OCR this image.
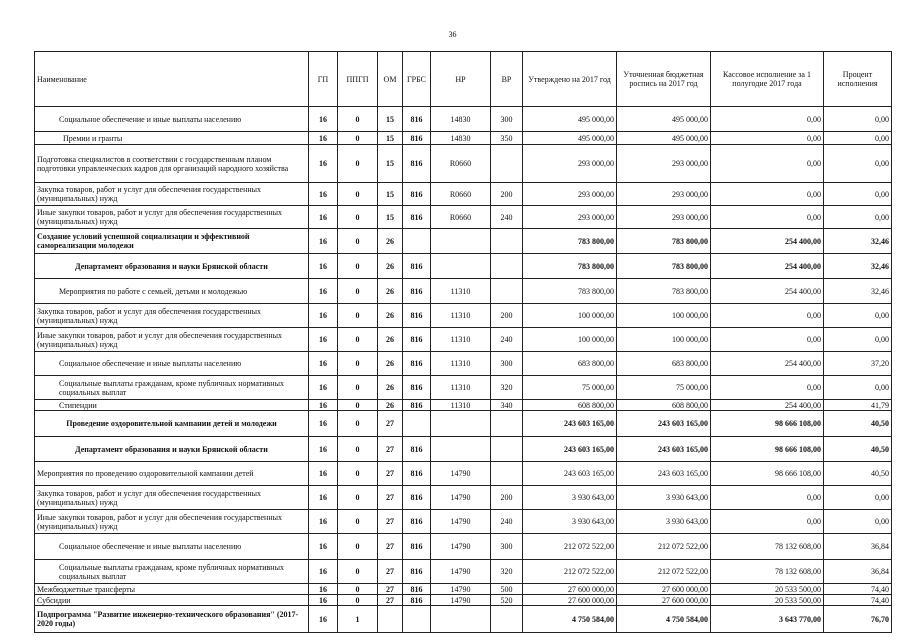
36
Наименование	ГП	ППГП	ОМ	ГРБС	НР	ВР	Утверждено на 2017 год	Уточненная бюджетная роспись на 2017 год	Кассовое исполнение за 1 полугодие 2017 года	Процент исполнения
Социальное обеспечение и иные выплаты населению	16	0	15	816	14830	300	495 000,00	495 000,00	0,00	0,00
Премии и гранты	16	0	15	816	14830	350	495 000,00	495 000,00	0,00	0,00
Подготовка специалистов в соответствии с государственным планом подготовки управленческих кадров для организаций народного хозяйства	16	0	15	816	R0660		293 000,00	293 000,00	0,00	0,00
Закупка товаров, работ и услуг для обеспечения государственных (муниципальных) нужд	16	0	15	816	R0660	200	293 000,00	293 000,00	0,00	0,00
Иные закупки товаров, работ и услуг для обеспечения государственных (муниципальных) нужд	16	0	15	816	R0660	240	293 000,00	293 000,00	0,00	0,00
Создание условий успешной социализации и эффективной самореализации молодежи	16	0	26				783 800,00	783 800,00	254 400,00	32,46
Департамент образования и науки Брянской области	16	0	26	816			783 800,00	783 800,00	254 400,00	32,46
Мероприятия по работе с семьей, детьми и молодежью	16	0	26	816	11310		783 800,00	783 800,00	254 400,00	32,46
Закупка товаров, работ и услуг для обеспечения государственных (муниципальных) нужд	16	0	26	816	11310	200	100 000,00	100 000,00	0,00	0,00
Иные закупки товаров, работ и услуг для обеспечения государственных (муниципальных) нужд	16	0	26	816	11310	240	100 000,00	100 000,00	0,00	0,00
Социальное обеспечение и иные выплаты населению	16	0	26	816	11310	300	683 800,00	683 800,00	254 400,00	37,20
Социальные выплаты гражданам, кроме публичных нормативных социальных выплат	16	0	26	816	11310	320	75 000,00	75 000,00	0,00	0,00
Стипендии	16	0	26	816	11310	340	608 800,00	608 800,00	254 400,00	41,79
Проведение оздоровительной кампании детей и молодежи	16	0	27				243 603 165,00	243 603 165,00	98 666 108,00	40,50
Департамент образования и науки Брянской области	16	0	27	816			243 603 165,00	243 603 165,00	98 666 108,00	40,50
Мероприятия по проведению оздоровительной кампании детей	16	0	27	816	14790		243 603 165,00	243 603 165,00	98 666 108,00	40,50
Закупка товаров, работ и услуг для обеспечения государственных (муниципальных) нужд	16	0	27	816	14790	200	3 930 643,00	3 930 643,00	0,00	0,00
Иные закупки товаров, работ и услуг для обеспечения государственных (муниципальных) нужд	16	0	27	816	14790	240	3 930 643,00	3 930 643,00	0,00	0,00
Социальное обеспечение и иные выплаты населению	16	0	27	816	14790	300	212 072 522,00	212 072 522,00	78 132 608,00	36,84
Социальные выплаты гражданам, кроме публичных нормативных социальных выплат	16	0	27	816	14790	320	212 072 522,00	212 072 522,00	78 132 608,00	36,84
Межбюджетные трансферты	16	0	27	816	14790	500	27 600 000,00	27 600 000,00	20 533 500,00	74,40
Субсидии	16	0	27	816	14790	520	27 600 000,00	27 600 000,00	20 533 500,00	74,40
Подпрограмма "Развитие инженерно-технического образования" (2017-2020 годы)	16	1					4 750 584,00	4 750 584,00	3 643 770,00	76,70
